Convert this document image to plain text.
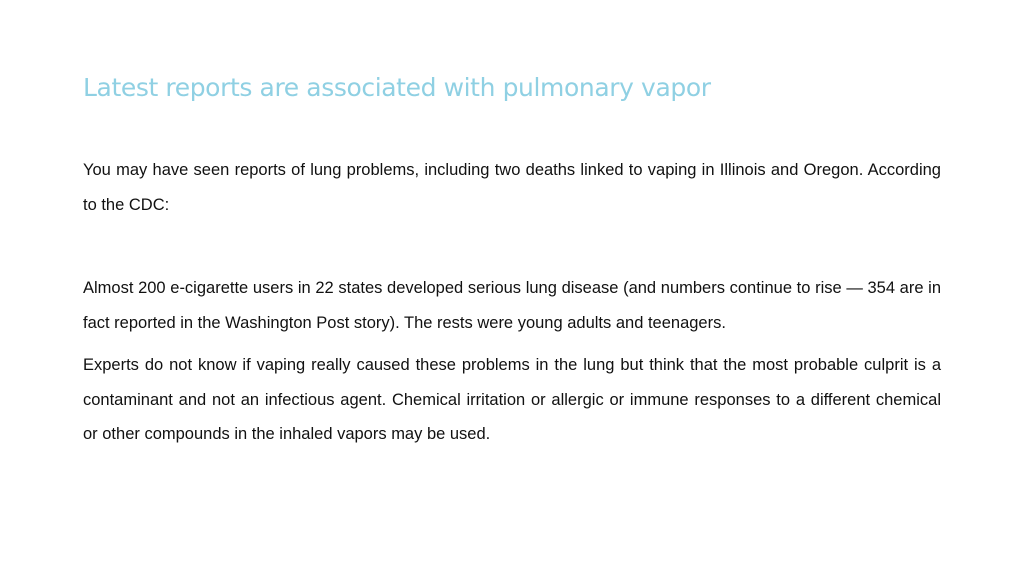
Latest reports are associated with pulmonary vapor

You may have seen reports of lung problems, including two deaths linked to vaping in Illinois and Oregon. According to the CDC:

Almost 200 e-cigarette users in 22 states developed serious lung disease (and numbers continue to rise — 354 are in fact reported in the Washington Post story). The rests were young adults and teenagers.

Experts do not know if vaping really caused these problems in the lung but think that the most probable culprit is a contaminant and not an infectious agent. Chemical irritation or allergic or immune responses to a different chemical or other compounds in the inhaled vapors may be used.
